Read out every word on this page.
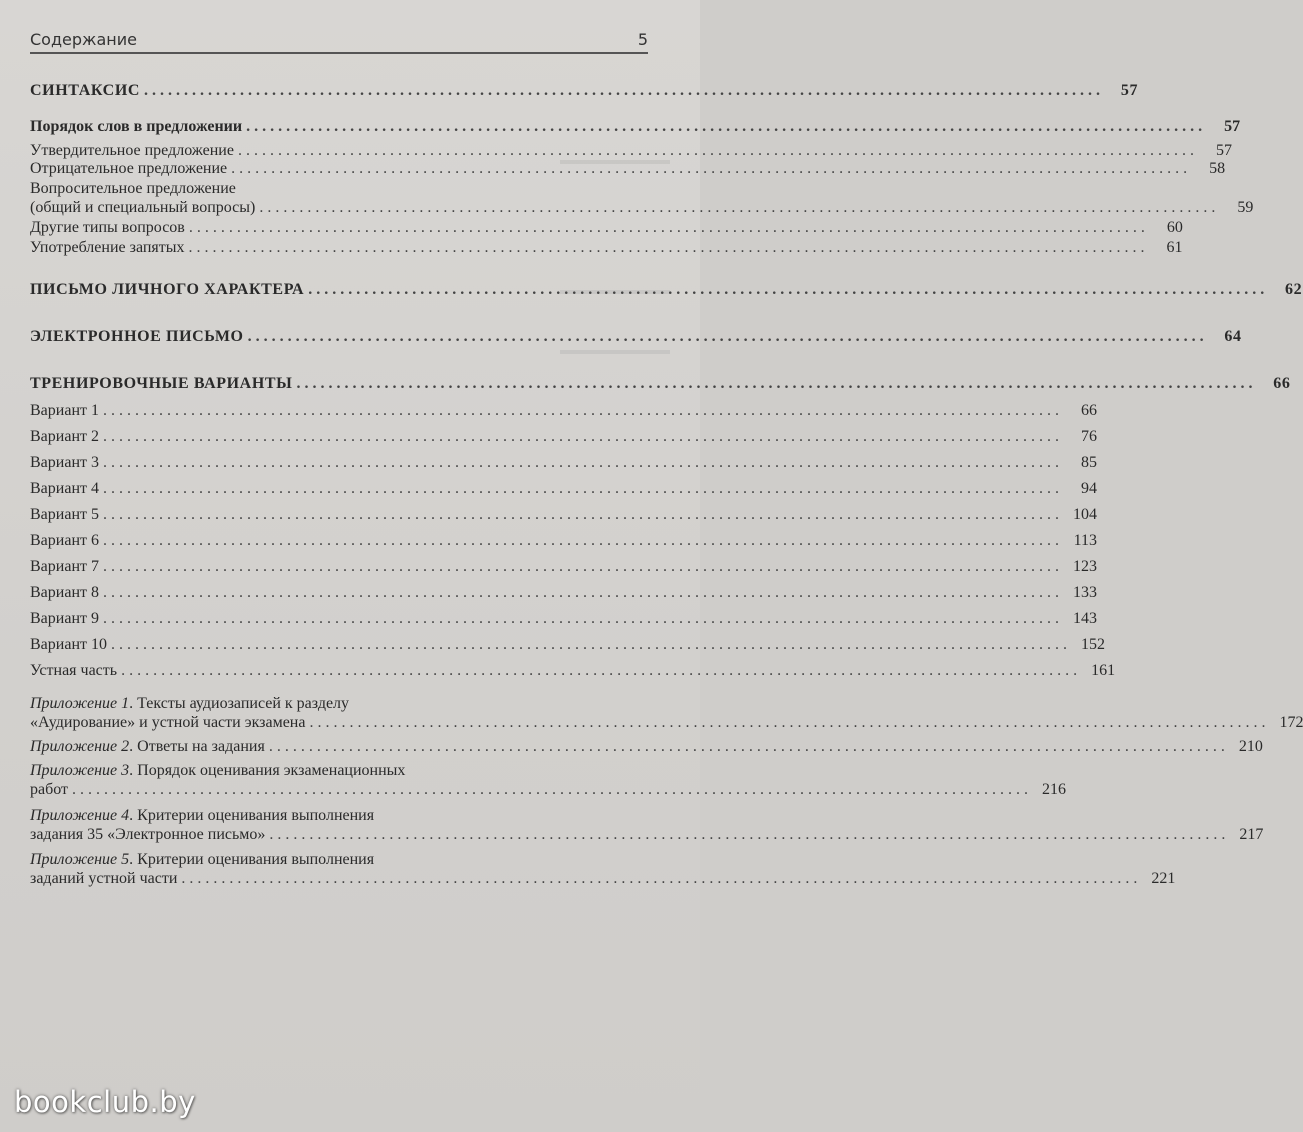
Содержание	5
СИНТАКСИС ........................................................................................................................	57
Порядок слов в предложении ........................................................................................................................	57
Утвердительное предложение ........................................................................................................................	57
Отрицательное предложение ........................................................................................................................	58
Вопросительное предложение
(общий и специальный вопросы) ........................................................................................................................	59
Другие типы вопросов ........................................................................................................................	60
Употребление запятых ........................................................................................................................	61
ПИСЬМО ЛИЧНОГО ХАРАКТЕРА ........................................................................................................................	62
ЭЛЕКТРОННОЕ ПИСЬМО ........................................................................................................................	64
ТРЕНИРОВОЧНЫЕ ВАРИАНТЫ ........................................................................................................................	66
Вариант 1 ........................................................................................................................	66
Вариант 2 ........................................................................................................................	76
Вариант 3 ........................................................................................................................	85
Вариант 4 ........................................................................................................................	94
Вариант 5 ........................................................................................................................ 104
Вариант 6 ........................................................................................................................ 113
Вариант 7 ........................................................................................................................ 123
Вариант 8 ........................................................................................................................ 133
Вариант 9 ........................................................................................................................ 143
Вариант 10 ........................................................................................................................ 152
Устная часть ........................................................................................................................ 161
Приложение 1. Тексты аудиозаписей к разделу
«Аудирование» и устной части экзамена ........................................................................................................................ 172
Приложение 2. Ответы на задания ........................................................................................................................ 210
Приложение 3. Порядок оценивания экзаменационных
работ ........................................................................................................................ 216
Приложение 4. Критерии оценивания выполнения
задания 35 «Электронное письмо» ........................................................................................................................ 217
Приложение 5. Критерии оценивания выполнения
заданий устной части ........................................................................................................................ 221
bookclub.by
